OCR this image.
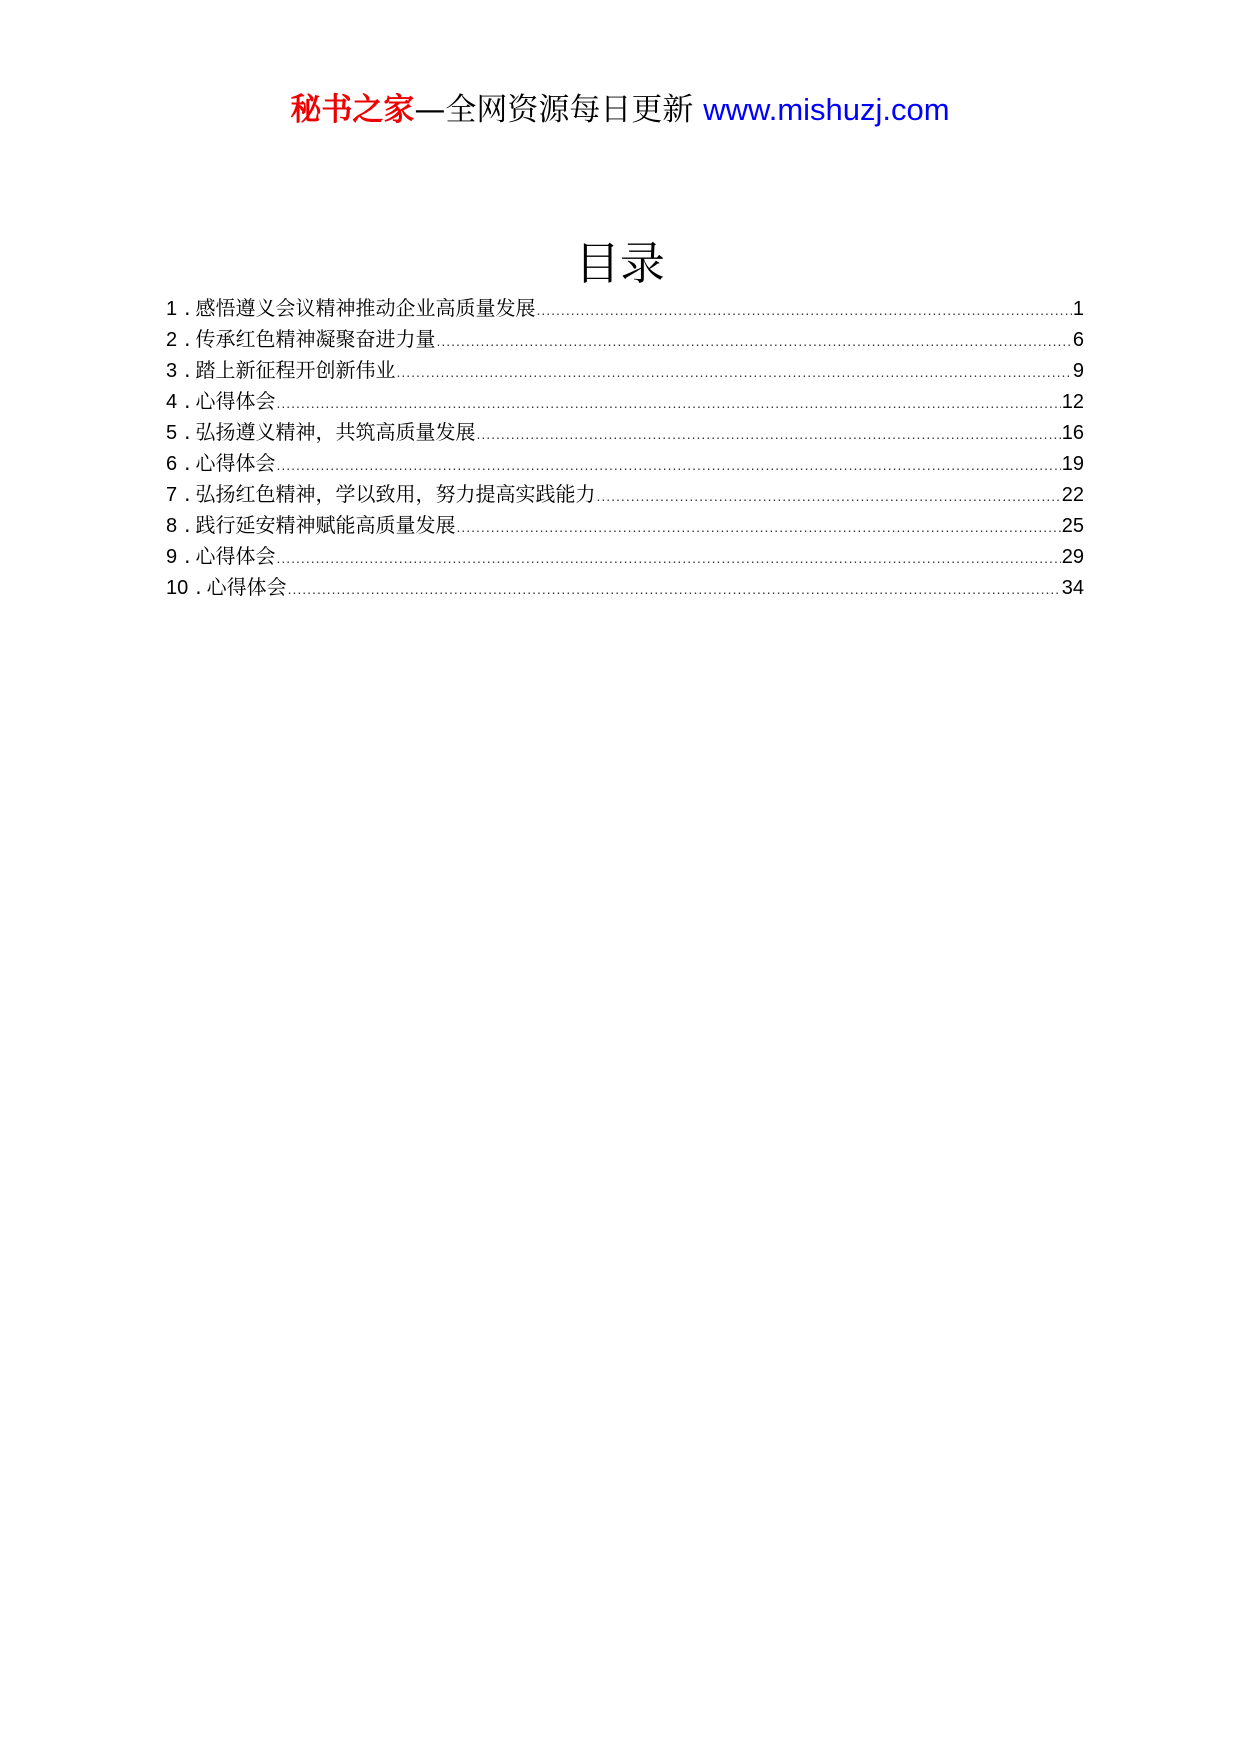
秘书之家—全网资源每日更新 www.mishuzj.com
目录
1 . 感悟遵义会议精神推动企业高质量发展 .....	1
2 . 传承红色精神凝聚奋进力量 .....	6
3 . 踏上新征程开创新伟业 .....	9
4 . 心得体会 .....	12
5 . 弘扬遵义精神，共筑高质量发展 .....	16
6 . 心得体会 .....	19
7 . 弘扬红色精神，学以致用，努力提高实践能力 .....	22
8 . 践行延安精神赋能高质量发展 .....	25
9 . 心得体会 .....	29
10 . 心得体会 .....	34
